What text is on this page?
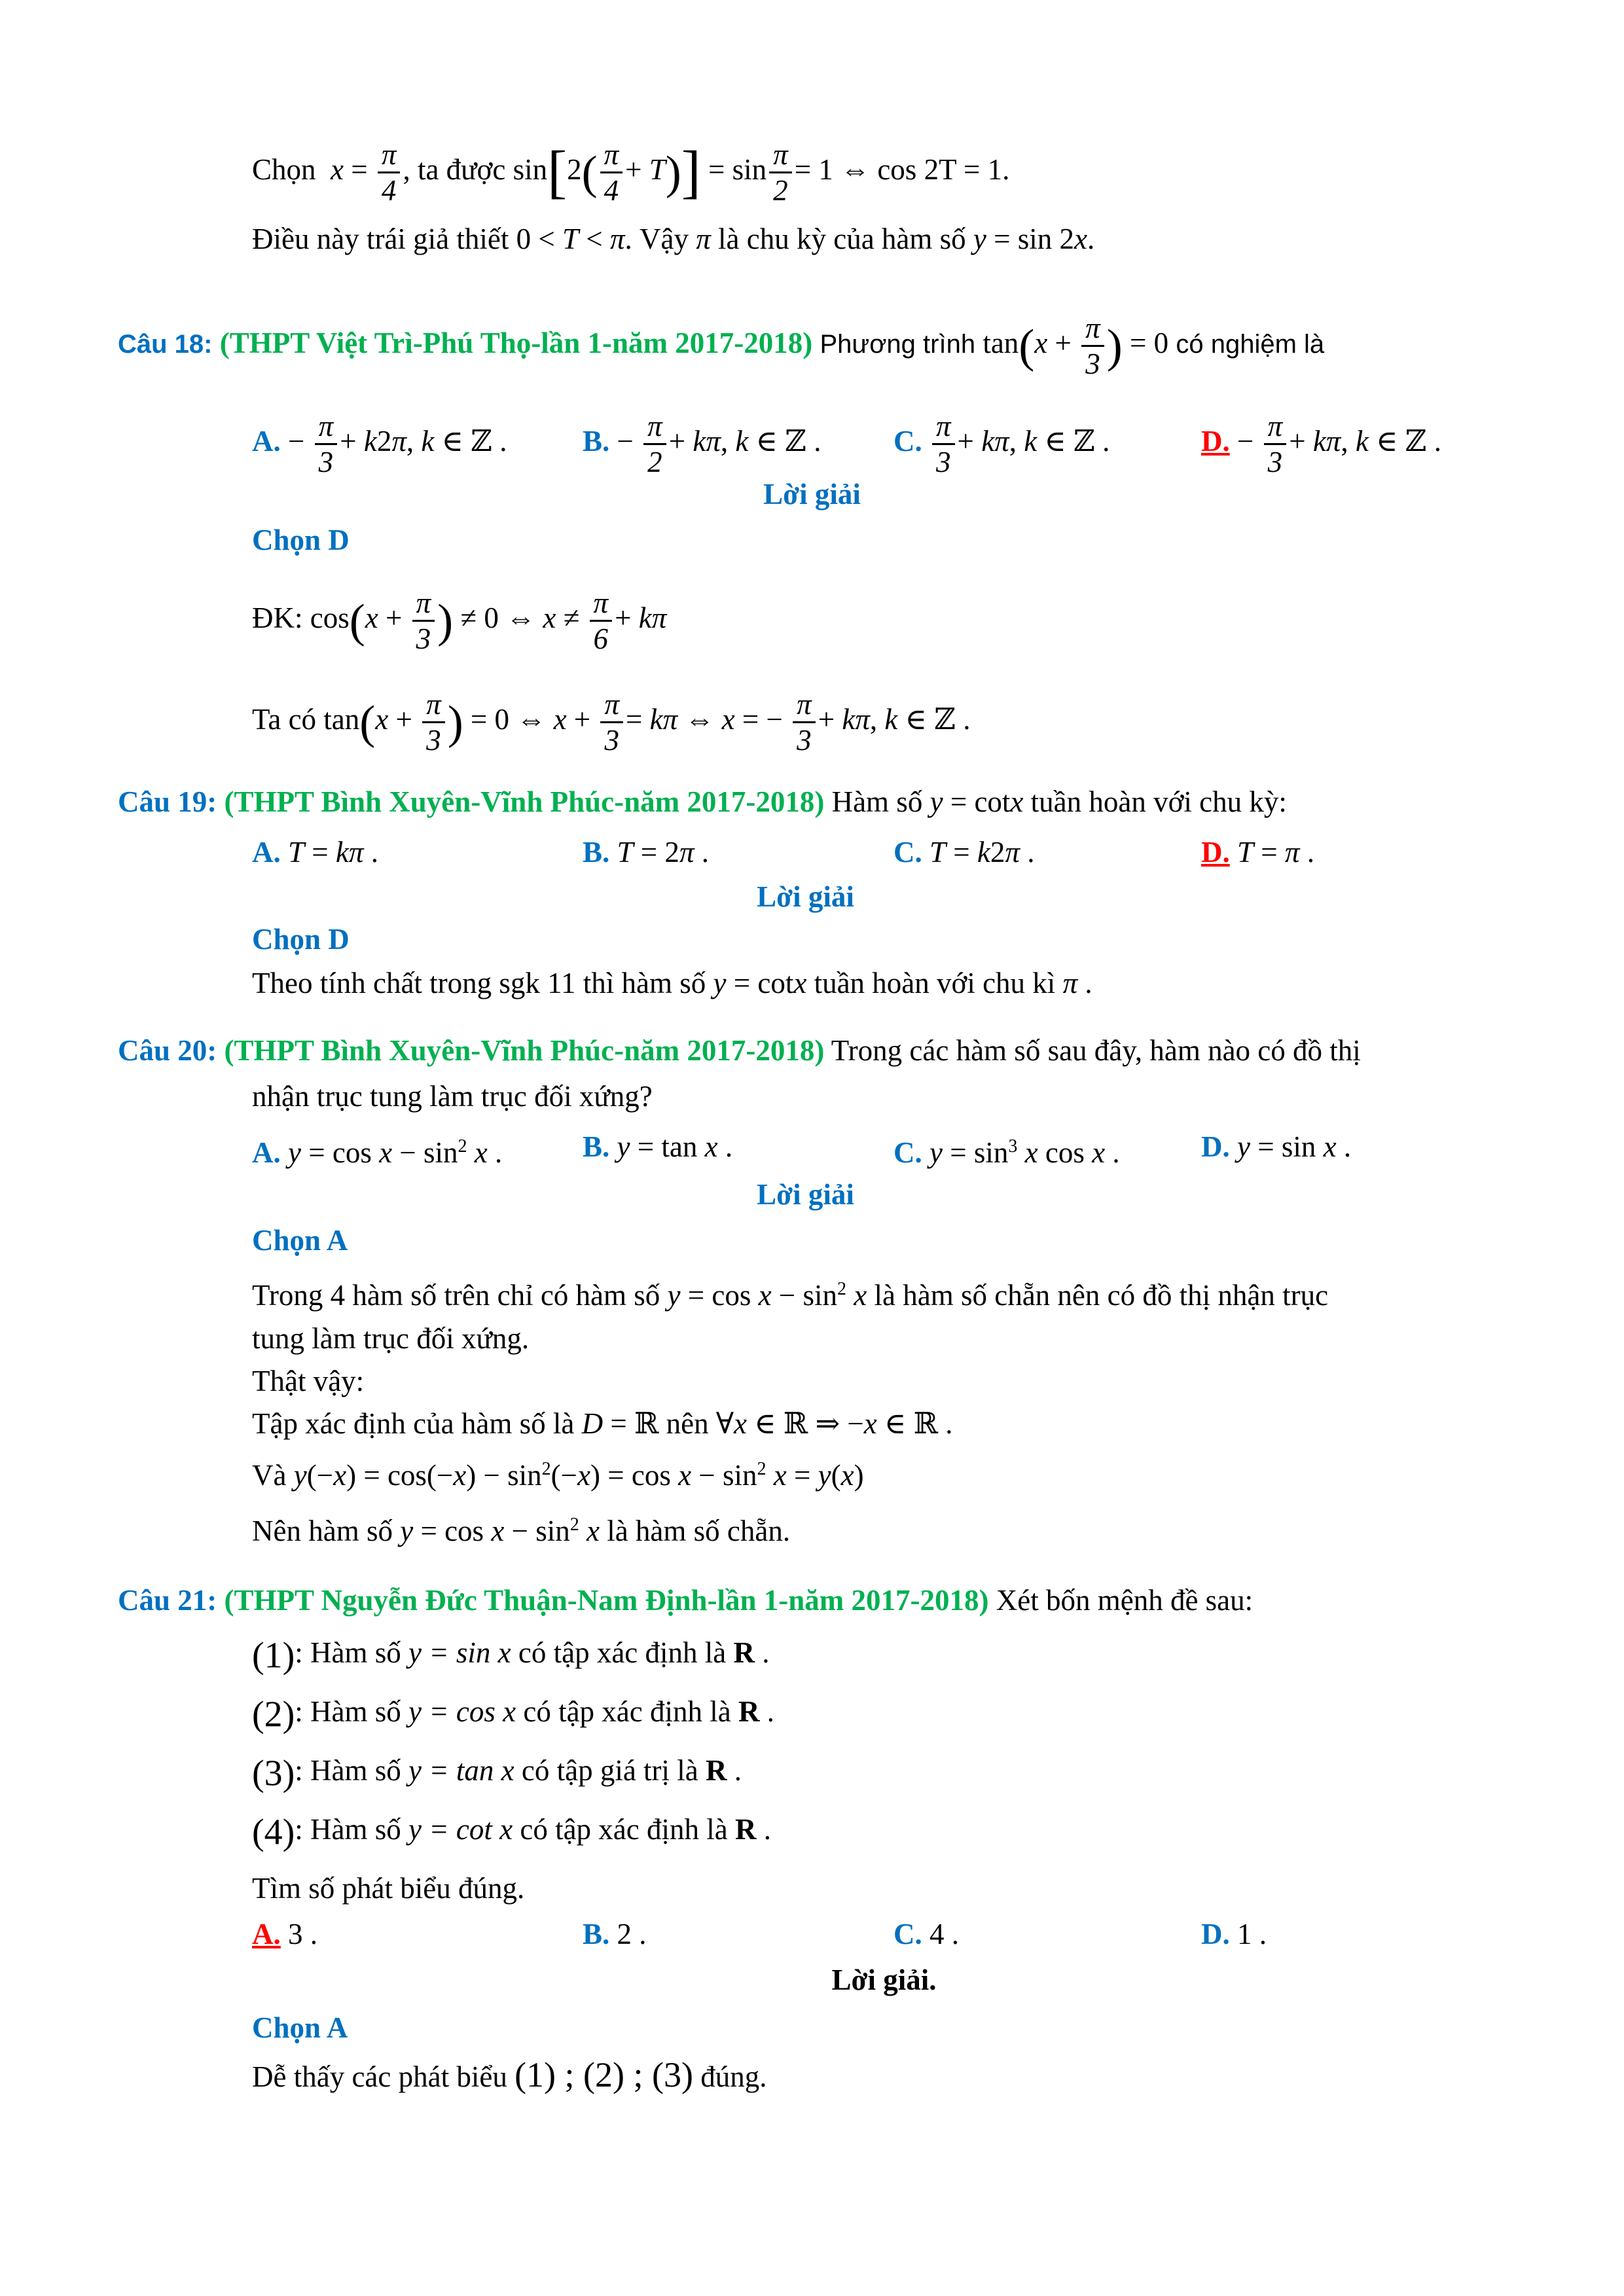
Chọn  $x = \frac{\pi}{4}$ , ta được $\sin[2( \frac{\pi}{4} + T)] = \sin \frac{\pi}{2} = 1$ ⇔ cos 2T = 1.
Điều này trái giả thiết 0 < T < π. Vậy π là chu kỳ của hàm số y = sin 2x.
Câu 18: (THPT Việt Trì-Phú Thọ-lần 1-năm 2017-2018) Phương trình $\tan(x + \frac{\pi}{3}$ ) = 0 có nghiệm là
A. − $\frac{\pi}{3} + k2\pi$, k ∈ ℤ .	B. − $\frac{\pi}{2} + k\pi$, k ∈ ℤ . C. $\frac{\pi}{3} + k\pi$, k ∈ ℤ .	D. − $\frac{\pi}{3} + k\pi$, k ∈ ℤ .
Lời giải
Chọn D
ĐK: $\cos(x + \frac{\pi}{3}$ ) ≠ 0 ⇔ $x \ne \frac{\pi}{6} + k\pi$
Ta có $\tan(x + \frac{\pi}{3}$ ) = 0 ⇔ $x + \frac{\pi}{3} = k\pi$ ⇔ x = − $\frac{\pi}{3} + k\pi$, k ∈ ℤ .
Câu 19: (THPT Bình Xuyên-Vĩnh Phúc-năm 2017-2018) Hàm số y = cotx tuần hoàn với chu kỳ:
A. T = kπ .	B. T = 2π .	C. T = k2π .	D. T = π .
Lời giải
Chọn D
Theo tính chất trong sgk 11 thì hàm số y = cotx tuần hoàn với chu kì π .
Câu 20: (THPT Bình Xuyên-Vĩnh Phúc-năm 2017-2018) Trong các hàm số sau đây, hàm nào có đồ thị
nhận trục tung làm trục đối xứng?
A. $y = \cos x - \sin^2 x$ .	B. y = tan x .	C. $y = \sin^3 x$ cos x .	D. y = sin x .
Lời giải
Chọn A
Trong 4 hàm số trên chỉ có hàm số $y = \cos x - \sin^2 x$ là hàm số chẵn nên có đồ thị nhận trục
tung làm trục đối xứng.
Thật vậy:
Tập xác định của hàm số là D = ℝ nên ∀x ∈ ℝ ⇒ −x ∈ ℝ .
Và $y(-x) = \cos(-x) - \sin^2(-x) = \cos x - \sin^2 x = y(x)$
Nên hàm số $y = \cos x - \sin^2 x$ là hàm số chẵn.
Câu 21: (THPT Nguyễn Đức Thuận-Nam Định-lần 1-năm 2017-2018) Xét bốn mệnh đề sau:
(1): Hàm số y = sin x có tập xác định là R .
(2): Hàm số y = cos x có tập xác định là R .
(3): Hàm số y = tan x có tập giá trị là R .
(4): Hàm số y = cot x có tập xác định là R .
Tìm số phát biểu đúng.
A. 3 .	B. 2 .	C. 4 .	D. 1 .
Lời giải.
Chọn A
Dễ thấy các phát biểu (1) ; (2) ; (3) đúng.
